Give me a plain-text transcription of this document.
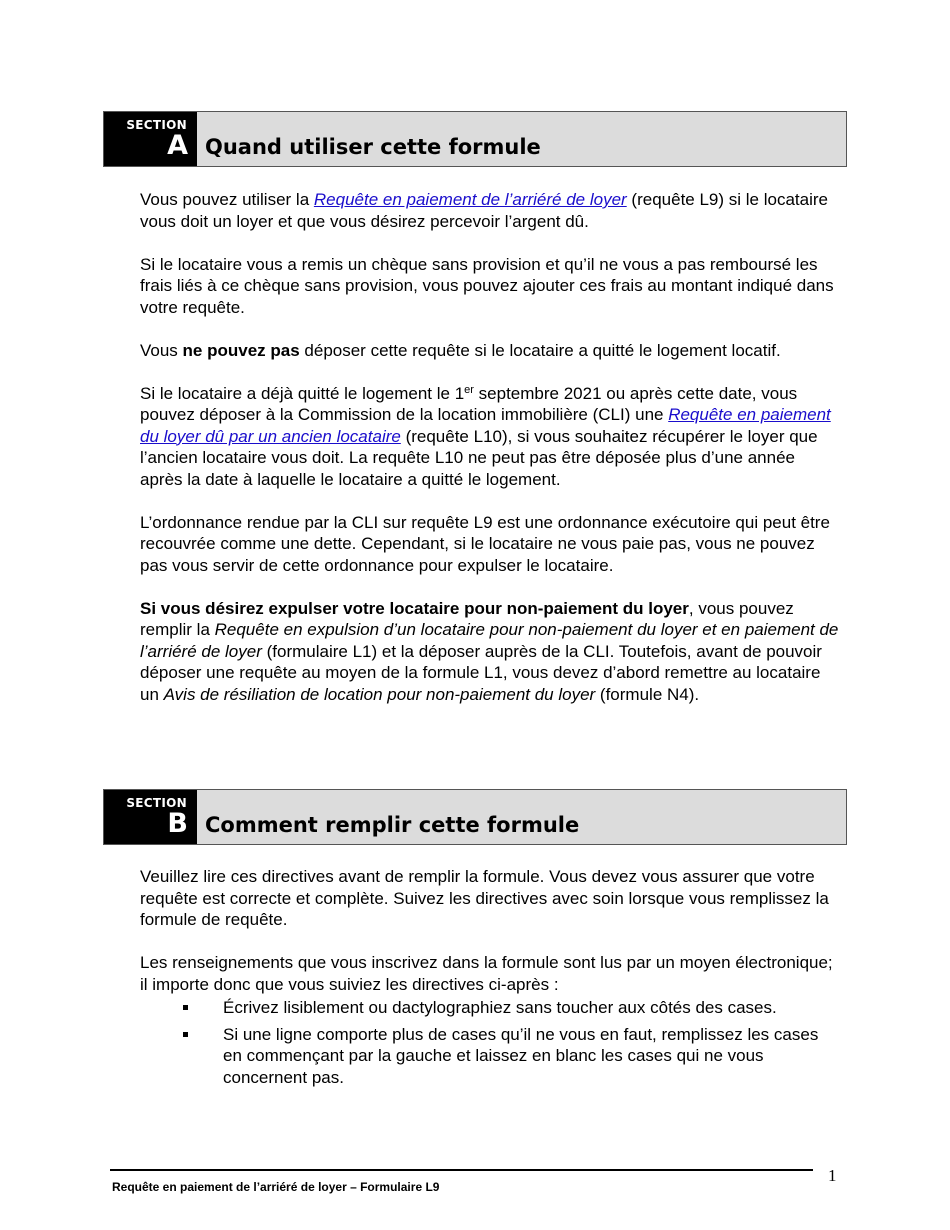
SECTION
A Quand utiliser cette formule

Vous pouvez utiliser la Requête en paiement de l’arriéré de loyer (requête L9) si le locataire vous doit un loyer et que vous désirez percevoir l’argent dû.

Si le locataire vous a remis un chèque sans provision et qu’il ne vous a pas remboursé les frais liés à ce chèque sans provision, vous pouvez ajouter ces frais au montant indiqué dans votre requête.

Vous ne pouvez pas déposer cette requête si le locataire a quitté le logement locatif.

Si le locataire a déjà quitté le logement le 1er septembre 2021 ou après cette date, vous pouvez déposer à la Commission de la location immobilière (CLI) une Requête en paiement du loyer dû par un ancien locataire (requête L10), si vous souhaitez récupérer le loyer que l’ancien locataire vous doit. La requête L10 ne peut pas être déposée plus d’une année après la date à laquelle le locataire a quitté le logement.

L’ordonnance rendue par la CLI sur requête L9 est une ordonnance exécutoire qui peut être recouvrée comme une dette. Cependant, si le locataire ne vous paie pas, vous ne pouvez pas vous servir de cette ordonnance pour expulser le locataire.

Si vous désirez expulser votre locataire pour non-paiement du loyer, vous pouvez remplir la Requête en expulsion d’un locataire pour non-paiement du loyer et en paiement de l’arriéré de loyer (formulaire L1) et la déposer auprès de la CLI. Toutefois, avant de pouvoir déposer une requête au moyen de la formule L1, vous devez d’abord remettre au locataire un Avis de résiliation de location pour non-paiement du loyer (formule N4).

SECTION
B Comment remplir cette formule

Veuillez lire ces directives avant de remplir la formule. Vous devez vous assurer que votre requête est correcte et complète. Suivez les directives avec soin lorsque vous remplissez la formule de requête.

Les renseignements que vous inscrivez dans la formule sont lus par un moyen électronique; il importe donc que vous suiviez les directives ci-après :

Écrivez lisiblement ou dactylographiez sans toucher aux côtés des cases.
Si une ligne comporte plus de cases qu’il ne vous en faut, remplissez les cases en commençant par la gauche et laissez en blanc les cases qui ne vous concernent pas.
1
Requête en paiement de l’arriéré de loyer – Formulaire L9
